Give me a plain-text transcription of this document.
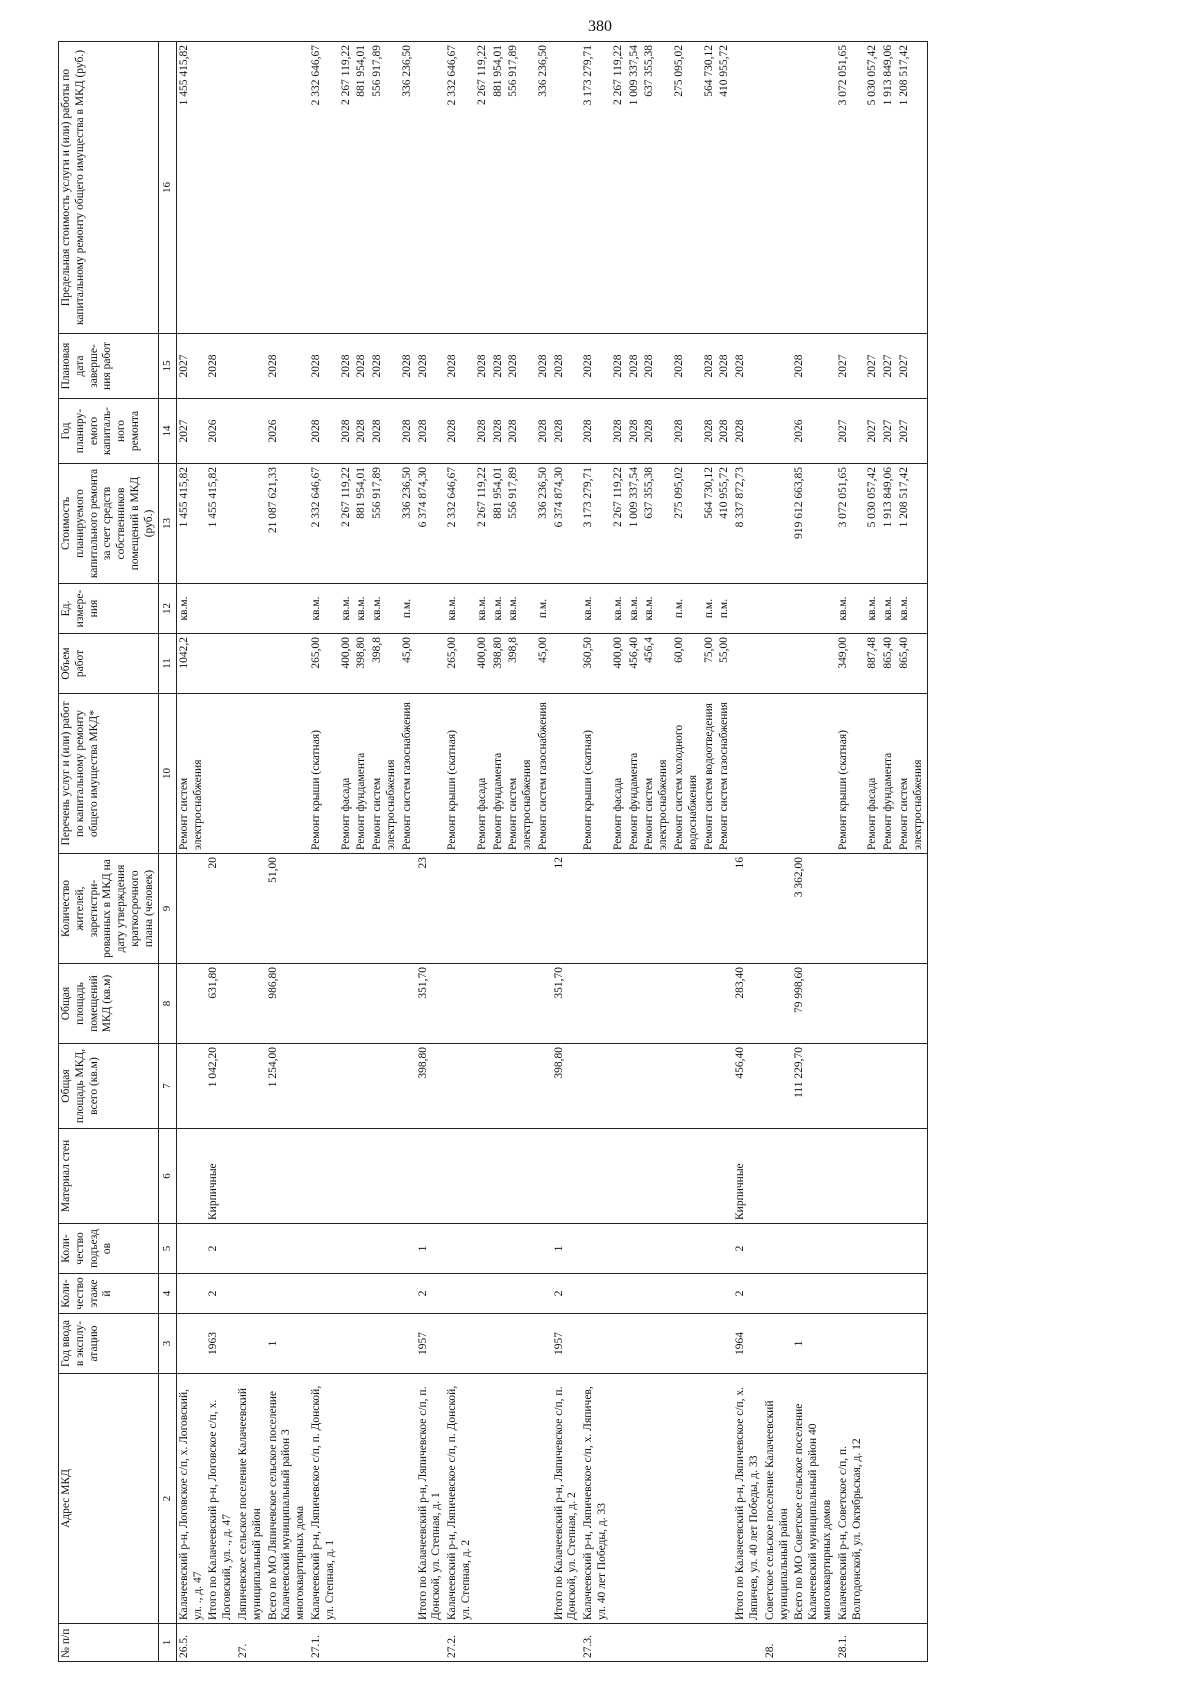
380
№ п/п	Адрес МКД	Год ввода в эксплу-атацию	Коли-чество этажей	Коли-чество подъездов	Материал стен	Общая площадь МКД, всего (кв.м)	Общая площадь помещений МКД (кв.м)	Количество жителей, зарегистри-рованных в МКД на дату утверждения краткосрочного плана (человек)	Перечень услуг и (или) работ по капитальному ремонту общего имущества МКД*	Объем работ	Ед. измере-ния	Стоимость планируемого капитального ремонта за счет средств собственников помещений в МКД (руб.)	Год планиру-емого капиталь-ного ремонта	Плановая дата заверше-ния работ	Предельная стоимость услуги и (или) работы по капитальному ремонту общего имущества в МКД (руб.)
1	2	3	4	5	6	7	8	9	10	11	12	13	14	15	16
26.5.	Калачеевский р-н, Логовское с/п, х. Логовский, ул. ., д. 47								Ремонт систем электроснабжения	1042,2	кв.м.	1 455 415,82	2027	2027	1 455 415,82
	Итого по Калачеевский р-н, Логовское с/п, х. Логовский, ул. ., д. 47	1963	2	2	Кирпичные	1 042,20	631,80	20				1 455 415,82	2026	2028	
27.	Ляпичевское сельское поселение Калачеевский муниципальный район														
	Всего по МО Ляпичевское сельское поселение Калачеевский муниципальный район 3 многоквартирных дома	1				1 254,00	986,80	51,00				21 087 621,33	2026	2028	
27.1.	Калачеевский р-н, Ляпичевское с/п, п. Донской, ул. Степная, д. 1								Ремонт крыши (скатная)	265,00	кв.м.	2 332 646,67	2028	2028	2 332 646,67
									Ремонт фасада	400,00	кв.м.	2 267 119,22	2028	2028	2 267 119,22
									Ремонт фундамента	398,80	кв.м.	881 954,01	2028	2028	881 954,01
									Ремонт систем электроснабжения	398,8	кв.м.	556 917,89	2028	2028	556 917,89
									Ремонт систем газоснабжения	45,00	п.м.	336 236,50	2028	2028	336 236,50
	Итого по Калачеевский р-н, Ляпичевское с/п, п. Донской, ул. Степная, д. 1	1957	2	1		398,80	351,70	23				6 374 874,30	2028	2028	
27.2.	Калачеевский р-н, Ляпичевское с/п, п. Донской, ул. Степная, д. 2								Ремонт крыши (скатная)	265,00	кв.м.	2 332 646,67	2028	2028	2 332 646,67
									Ремонт фасада	400,00	кв.м.	2 267 119,22	2028	2028	2 267 119,22
									Ремонт фундамента	398,80	кв.м.	881 954,01	2028	2028	881 954,01
									Ремонт систем электроснабжения	398,8	кв.м.	556 917,89	2028	2028	556 917,89
									Ремонт систем газоснабжения	45,00	п.м.	336 236,50	2028	2028	336 236,50
	Итого по Калачеевский р-н, Ляпичевское с/п, п. Донской, ул. Степная, д. 2	1957	2	1		398,80	351,70	12				6 374 874,30	2028	2028	
27.3.	Калачеевский р-н, Ляпичевское с/п, х. Ляпичев, ул. 40 лет Победы, д. 33								Ремонт крыши (скатная)	360,50	кв.м.	3 173 279,71	2028	2028	3 173 279,71
									Ремонт фасада	400,00	кв.м.	2 267 119,22	2028	2028	2 267 119,22
									Ремонт фундамента	456,40	кв.м.	1 009 337,54	2028	2028	1 009 337,54
									Ремонт систем электроснабжения	456,4	кв.м.	637 355,38	2028	2028	637 355,38
									Ремонт систем холодного водоснабжения	60,00	п.м.	275 095,02	2028	2028	275 095,02
									Ремонт систем водоотведения	75,00	п.м.	564 730,12	2028	2028	564 730,12
									Ремонт систем газоснабжения	55,00	п.м.	410 955,72	2028	2028	410 955,72
	Итого по Калачеевский р-н, Ляпичевское с/п, х. Ляпичев, ул. 40 лет Победы, д. 33	1964	2	2	Кирпичные	456,40	283,40	16				8 337 872,73	2028	2028	
28.	Советское сельское поселение Калачеевский муниципальный район														
	Всего по МО Советское сельское поселение Калачеевский муниципальный район 40 многоквартирных домов	1				111 229,70	79 998,60	3 362,00				919 612 663,85	2026	2028	
28.1.	Калачеевский р-н, Советское с/п, п. Волгодонской, ул. Октябрьская, д. 12								Ремонт крыши (скатная)	349,00	кв.м.	3 072 051,65	2027	2027	3 072 051,65
									Ремонт фасада	887,48	кв.м.	5 030 057,42	2027	2027	5 030 057,42
									Ремонт фундамента	865,40	кв.м.	1 913 849,06	2027	2027	1 913 849,06
									Ремонт систем электроснабжения	865,40	кв.м.	1 208 517,42	2027	2027	1 208 517,42
